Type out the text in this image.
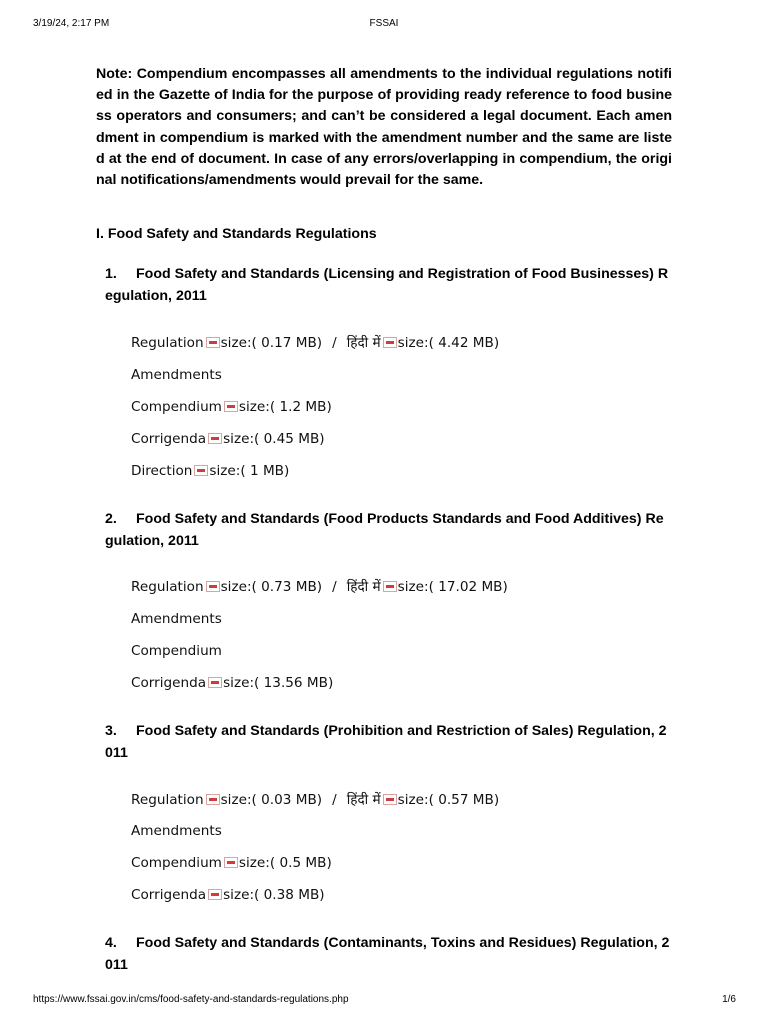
3/19/24, 2:17 PM	FSSAI

Note: Compendium encompasses all amendments to the individual regulations notified in the Gazette of India for the purpose of providing ready reference to food business operators and consumers; and can’t be considered a legal document. Each amendment in compendium is marked with the amendment number and the same are listed at the end of document. In case of any errors/overlapping in compendium, the original notifications/amendments would prevail for the same.

I. Food Safety and Standards Regulations
1. Food Safety and Standards (Licensing and Registration of Food Businesses) Regulation, 2011
Regulation size:( 0.17 MB) / हिंदी में size:( 4.42 MB)
Amendments
Compendium size:( 1.2 MB)
Corrigenda size:( 0.45 MB)
Direction size:( 1 MB)
2. Food Safety and Standards (Food Products Standards and Food Additives) Regulation, 2011
Regulation size:( 0.73 MB) / हिंदी में size:( 17.02 MB)
Amendments
Compendium
Corrigenda size:( 13.56 MB)
3. Food Safety and Standards (Prohibition and Restriction of Sales) Regulation, 2011
Regulation size:( 0.03 MB) / हिंदी में size:( 0.57 MB)
Amendments
Compendium size:( 0.5 MB)
Corrigenda size:( 0.38 MB)
4. Food Safety and Standards (Contaminants, Toxins and Residues) Regulation, 2011
https://www.fssai.gov.in/cms/food-safety-and-standards-regulations.php	1/6
